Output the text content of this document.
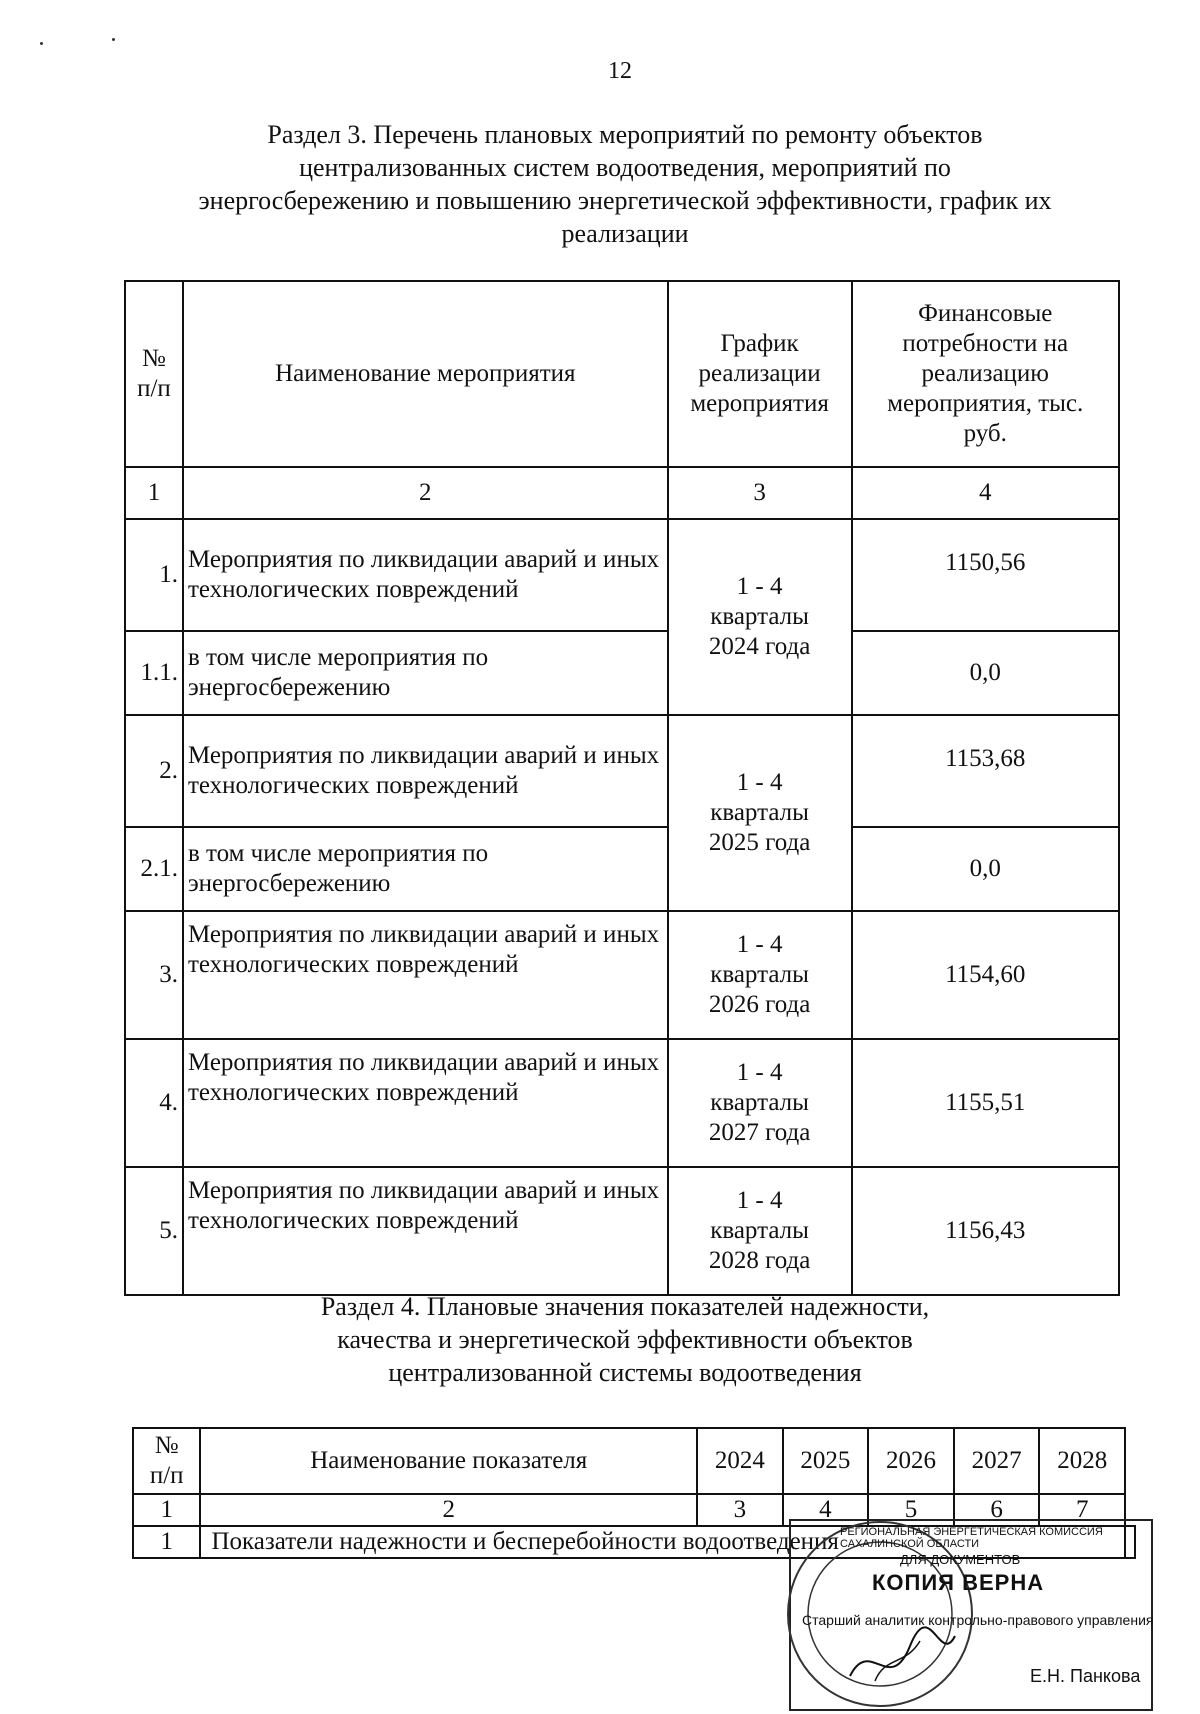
12
Раздел 3. Перечень плановых мероприятий по ремонту объектов
централизованных систем водоотведения, мероприятий по
энергосбережению и повышению энергетической эффективности, график их
реализации
№
п/п	Наименование мероприятия	График
реализации
мероприятия	Финансовые
потребности на
реализацию
мероприятия, тыс.
руб.

1	2	3	4
1.	Мероприятия по ликвидации аварий и иных технологических повреждений	1 - 4
кварталы
2024 года	1150,56
1.1.	в том числе мероприятия по энергосбережению		0,0
2.	Мероприятия по ликвидации аварий и иных технологических повреждений	1 - 4
кварталы
2025 года	1153,68
2.1.	в том числе мероприятия по энергосбережению		0,0
3.	Мероприятия по ликвидации аварий и иных технологических повреждений	1 - 4
кварталы
2026 года	1154,60
4.	Мероприятия по ликвидации аварий и иных технологических повреждений	1 - 4
кварталы
2027 года	1155,51
5.	Мероприятия по ликвидации аварий и иных технологических повреждений	1 - 4
кварталы
2028 года	1156,43
Раздел 4. Плановые значения показателей надежности,
качества и энергетической эффективности объектов
централизованной системы водоотведения
№
п/п	Наименование показателя	2024	2025	2026	2027	2028	
1	2	3	4	5	6	7	
1	Показатели надежности и бесперебойности водоотведения						РЕГИОНАЛЬНАЯ ЭНЕРГЕТИЧЕСКАЯ КОМИССИЯ САХАЛИНСКОЙ ОБЛАСТИ
КОПИЯ ВЕРНА
Старший аналитик контрольно-правового управления
Е.Н. Панкова
ДЛЯ ДОКУМЕНТОВ
